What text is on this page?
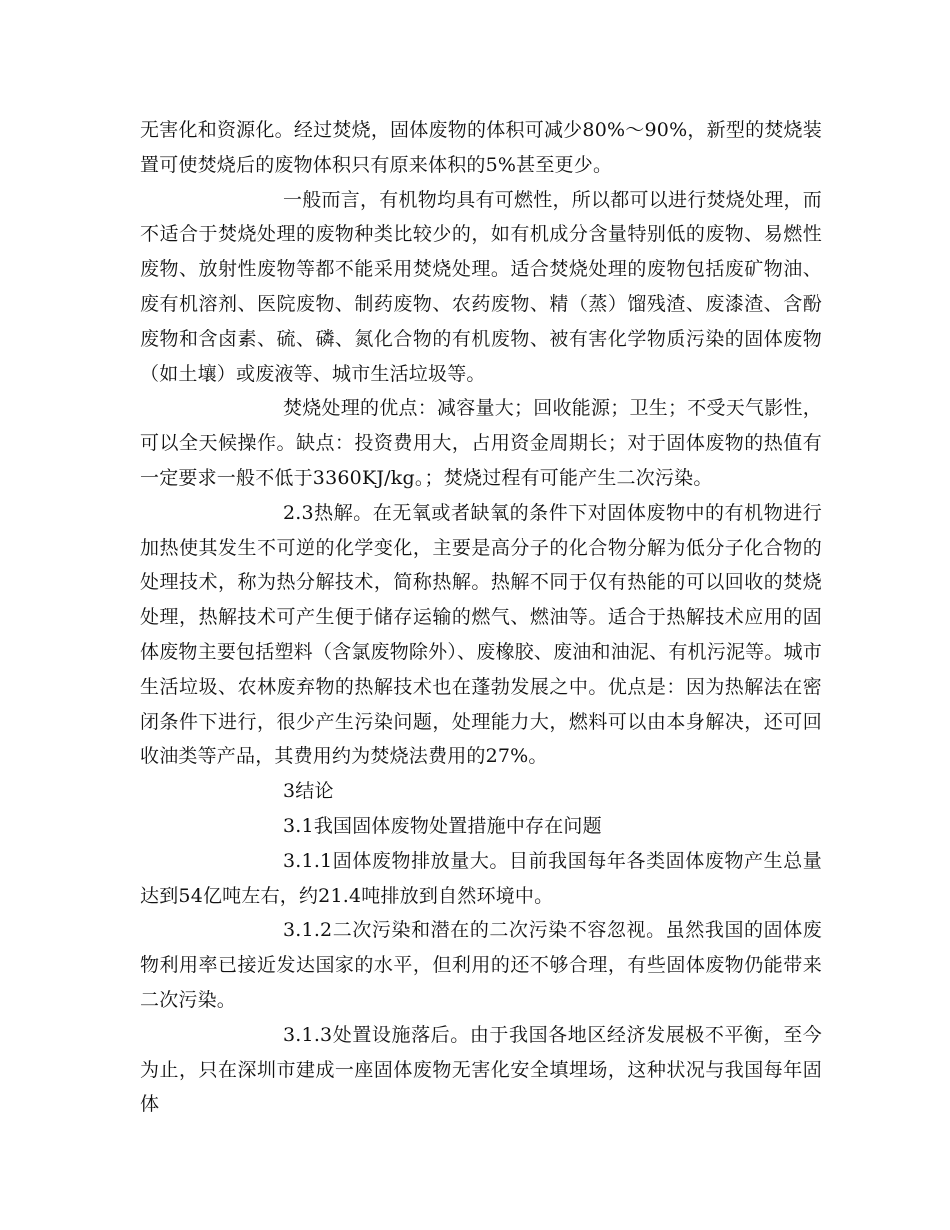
无害化和资源化。经过焚烧，固体废物的体积可减少80%～90%，新型的焚烧装置可使焚烧后的废物体积只有原来体积的5%甚至更少。

一般而言，有机物均具有可燃性，所以都可以进行焚烧处理，而不适合于焚烧处理的废物种类比较少的，如有机成分含量特别低的废物、易燃性废物、放射性废物等都不能采用焚烧处理。适合焚烧处理的废物包括废矿物油、废有机溶剂、医院废物、制药废物、农药废物、精（蒸）馏残渣、废漆渣、含酚废物和含卤素、硫、磷、氮化合物的有机废物、被有害化学物质污染的固体废物（如土壤）或废液等、城市生活垃圾等。

焚烧处理的优点：减容量大；回收能源；卫生；不受天气影性，可以全天候操作。缺点：投资费用大，占用资金周期长；对于固体废物的热值有一定要求一般不低于3360KJ/kg。；焚烧过程有可能产生二次污染。

2.3热解。在无氧或者缺氧的条件下对固体废物中的有机物进行加热使其发生不可逆的化学变化，主要是高分子的化合物分解为低分子化合物的处理技术，称为热分解技术，简称热解。热解不同于仅有热能的可以回收的焚烧处理，热解技术可产生便于储存运输的燃气、燃油等。适合于热解技术应用的固体废物主要包括塑料（含氯废物除外）、废橡胶、废油和油泥、有机污泥等。城市生活垃圾、农林废弃物的热解技术也在蓬勃发展之中。优点是：因为热解法在密闭条件下进行，很少产生污染问题，处理能力大，燃料可以由本身解决，还可回收油类等产品，其费用约为焚烧法费用的27%。

3结论

3.1我国固体废物处置措施中存在问题

3.1.1固体废物排放量大。目前我国每年各类固体废物产生总量达到54亿吨左右，约21.4吨排放到自然环境中。

3.1.2二次污染和潜在的二次污染不容忽视。虽然我国的固体废物利用率已接近发达国家的水平，但利用的还不够合理，有些固体废物仍能带来二次污染。

3.1.3处置设施落后。由于我国各地区经济发展极不平衡，至今为止，只在深圳市建成一座固体废物无害化安全填埋场，这种状况与我国每年固体
